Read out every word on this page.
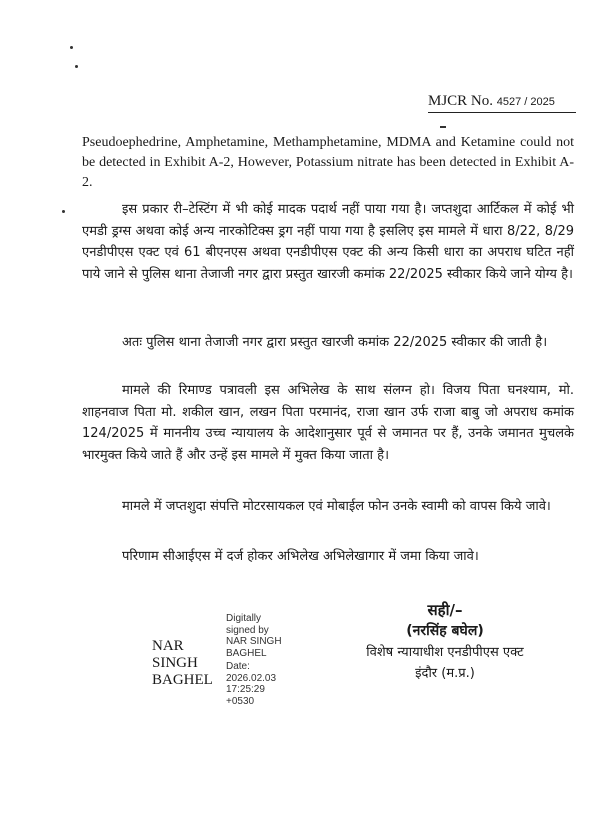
MJCR No. 4527 / 2025

Pseudoephedrine, Amphetamine, Methamphetamine, MDMA and Ketamine could not be detected in Exhibit A-2, However, Potassium nitrate has been detected in Exhibit A-2.

इस प्रकार री–टेस्टिंग में भी कोई मादक पदार्थ नहीं पाया गया है। जप्तशुदा आर्टिकल में कोई भी एमडी ड्रग्स अथवा कोई अन्य नारकोटिक्स ड्रग नहीं पाया गया है इसलिए इस मामले में धारा 8/22, 8/29 एनडीपीएस एक्ट एवं 61 बीएनएस अथवा एनडीपीएस एक्ट की अन्य किसी धारा का अपराध घटित नहीं पाये जाने से पुलिस थाना तेजाजी नगर द्वारा प्रस्तुत खारजी कमांक 22/2025 स्वीकार किये जाने योग्य है।

अतः पुलिस थाना तेजाजी नगर द्वारा प्रस्तुत खारजी कमांक 22/2025 स्वीकार की जाती है।

मामले की रिमाण्ड पत्रावली इस अभिलेख के साथ संलग्न हो। विजय पिता घनश्याम, मो. शाहनवाज पिता मो. शकील खान, लखन पिता परमानंद, राजा खान उर्फ राजा बाबु जो अपराध कमांक 124/2025 में माननीय उच्च न्यायालय के आदेशानुसार पूर्व से जमानत पर हैं, उनके जमानत मुचलके भारमुक्त किये जाते हैं और उन्हें इस मामले में मुक्त किया जाता है।

मामले में जप्तशुदा संपत्ति मोटरसायकल एवं मोबाईल फोन उनके स्वामी को वापस किये जावे।

परिणाम सीआईएस में दर्ज होकर अभिलेख अभिलेखागार में जमा किया जावे।

NAR
SINGH
BAGHEL
Digitally
signed by
NAR SINGH
BAGHEL
Date:
2026.02.03
17:25:29
+0530
सही/–
(नरसिंह बघेल)
विशेष न्यायाधीश एनडीपीएस एक्ट
इंदौर (म.प्र.)
